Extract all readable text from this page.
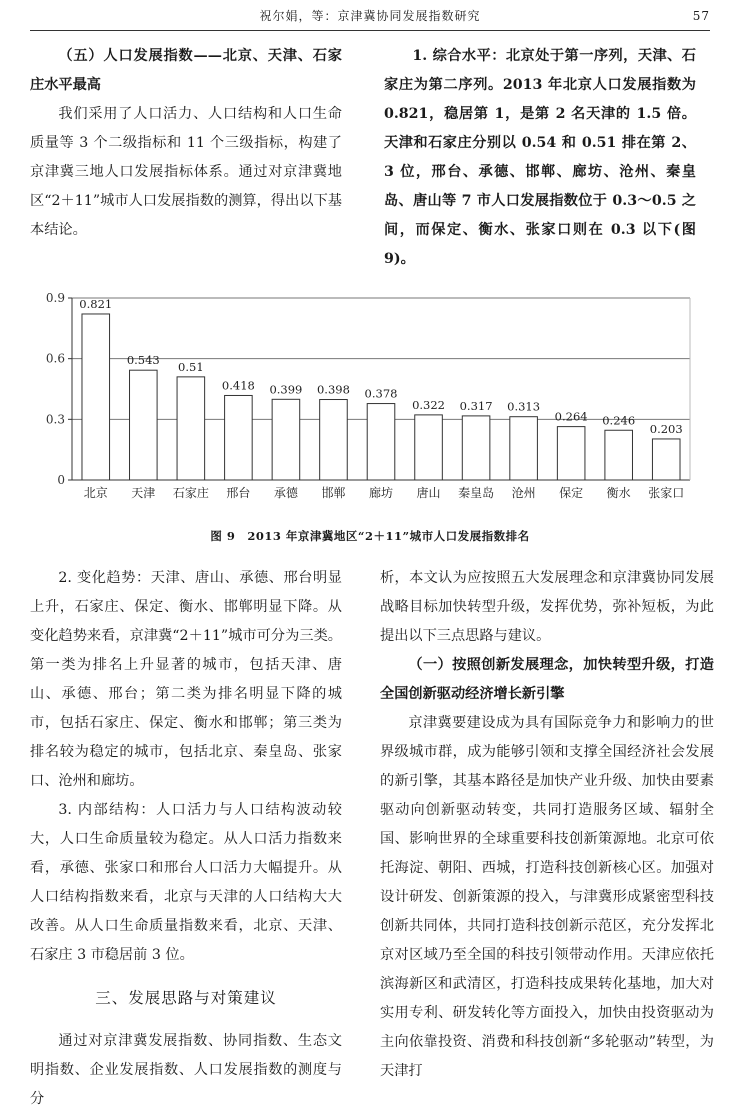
祝尔娟，等：京津冀协同发展指数研究	57
（五）人口发展指数——北京、天津、石家庄水平最高

我们采用了人口活力、人口结构和人口生命质量等 3 个二级指标和 11 个三级指标，构建了京津冀三地人口发展指标体系。通过对京津冀地区“2＋11”城市人口发展指数的测算，得出以下基本结论。

1. 综合水平：北京处于第一序列，天津、石家庄为第二序列。2013 年北京人口发展指数为 0.821，稳居第 1，是第 2 名天津的 1.5 倍。天津和石家庄分别以 0.54 和 0.51 排在第 2、3 位，邢台、承德、邯郸、廊坊、沧州、秦皇岛、唐山等 7 市人口发展指数位于 0.3～0.5 之间，而保定、衡水、张家口则在 0.3 以下(图 9)。

0
0.3
0.6
0.9 0.821
北京
0.543
天津
0.51
石家庄
0.418
邢台
0.399
承德
0.398
邯郸
0.378
廊坊
0.322
唐山
0.317
秦皇岛
0.313
沧州
0.264
保定
0.246
衡水
0.203
张家口
图 9　2013 年京津冀地区“2＋11”城市人口发展指数排名

2. 变化趋势：天津、唐山、承德、邢台明显上升，石家庄、保定、衡水、邯郸明显下降。从变化趋势来看，京津冀“2＋11”城市可分为三类。第一类为排名上升显著的城市，包括天津、唐山、承德、邢台；第二类为排名明显下降的城市，包括石家庄、保定、衡水和邯郸；第三类为排名较为稳定的城市，包括北京、秦皇岛、张家口、沧州和廊坊。

3. 内部结构：人口活力与人口结构波动较大，人口生命质量较为稳定。从人口活力指数来看，承德、张家口和邢台人口活力大幅提升。从人口结构指数来看，北京与天津的人口结构大大改善。从人口生命质量指数来看，北京、天津、石家庄 3 市稳居前 3 位。

三、发展思路与对策建议

通过对京津冀发展指数、协同指数、生态文明指数、企业发展指数、人口发展指数的测度与分

析，本文认为应按照五大发展理念和京津冀协同发展战略目标加快转型升级，发挥优势，弥补短板，为此提出以下三点思路与建议。

（一）按照创新发展理念，加快转型升级，打造全国创新驱动经济增长新引擎

京津冀要建设成为具有国际竞争力和影响力的世界级城市群，成为能够引领和支撑全国经济社会发展的新引擎，其基本路径是加快产业升级、加快由要素驱动向创新驱动转变，共同打造服务区域、辐射全国、影响世界的全球重要科技创新策源地。北京可依托海淀、朝阳、西城，打造科技创新核心区。加强对设计研发、创新策源的投入，与津冀形成紧密型科技创新共同体，共同打造科技创新示范区，充分发挥北京对区域乃至全国的科技引领带动作用。天津应依托滨海新区和武清区，打造科技成果转化基地，加大对实用专利、研发转化等方面投入，加快由投资驱动为主向依靠投资、消费和科技创新“多轮驱动”转型，为天津打
